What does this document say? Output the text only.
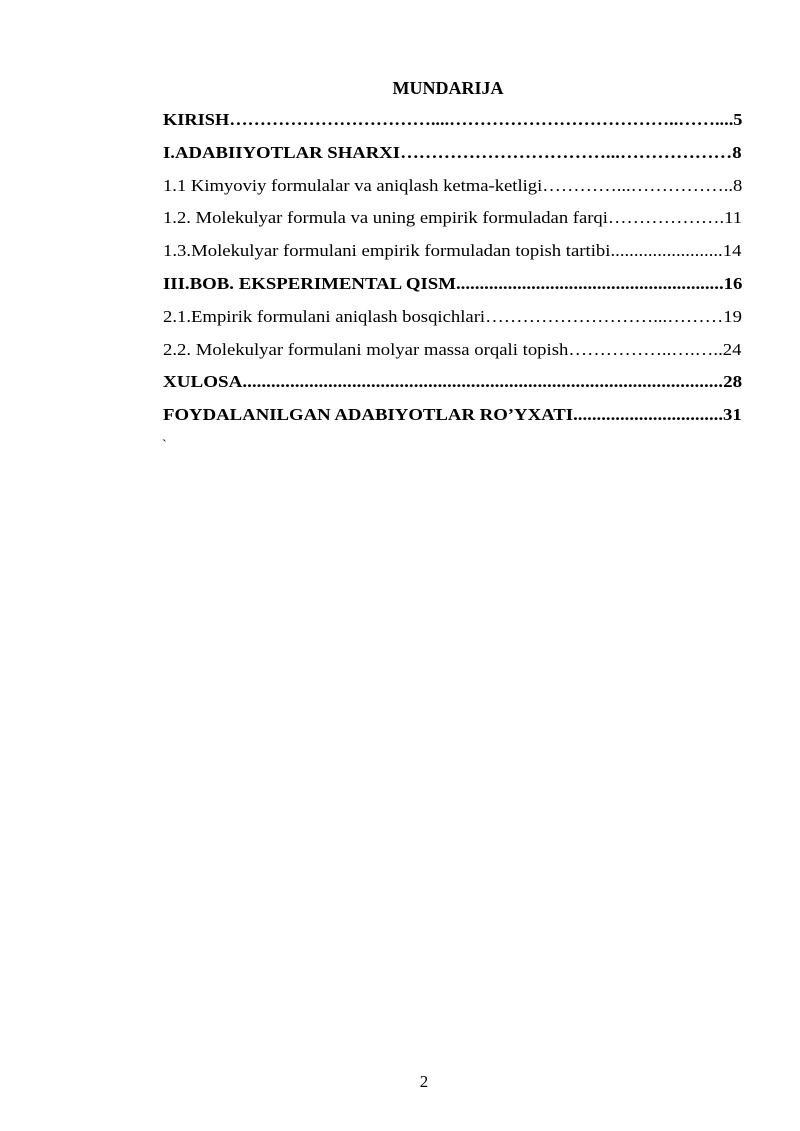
MUNDARIJA
KIRISH……………………………....………………………………..……....5
I.ADABIIYOTLAR SHARXI……………………………...………………8
1.1 Kimyoviy formulalar va aniqlash ketma-ketligi…………...……………..8
1.2. Molekulyar formula va uning empirik formuladan farqi……………….11
1.3.Molekulyar formulani empirik formuladan topish tartibi........................14
III.BOB. EKSPERIMENTAL QISM.........................................................16
2.1.Empirik formulani aniqlash bosqichlari………………………...………19
2.2. Molekulyar formulani molyar massa orqali topish……………..….…..24
XULOSA.....................................................................................................28
FOYDALANILGAN ADABIYOTLAR RO’YXATI................................31
`
2
